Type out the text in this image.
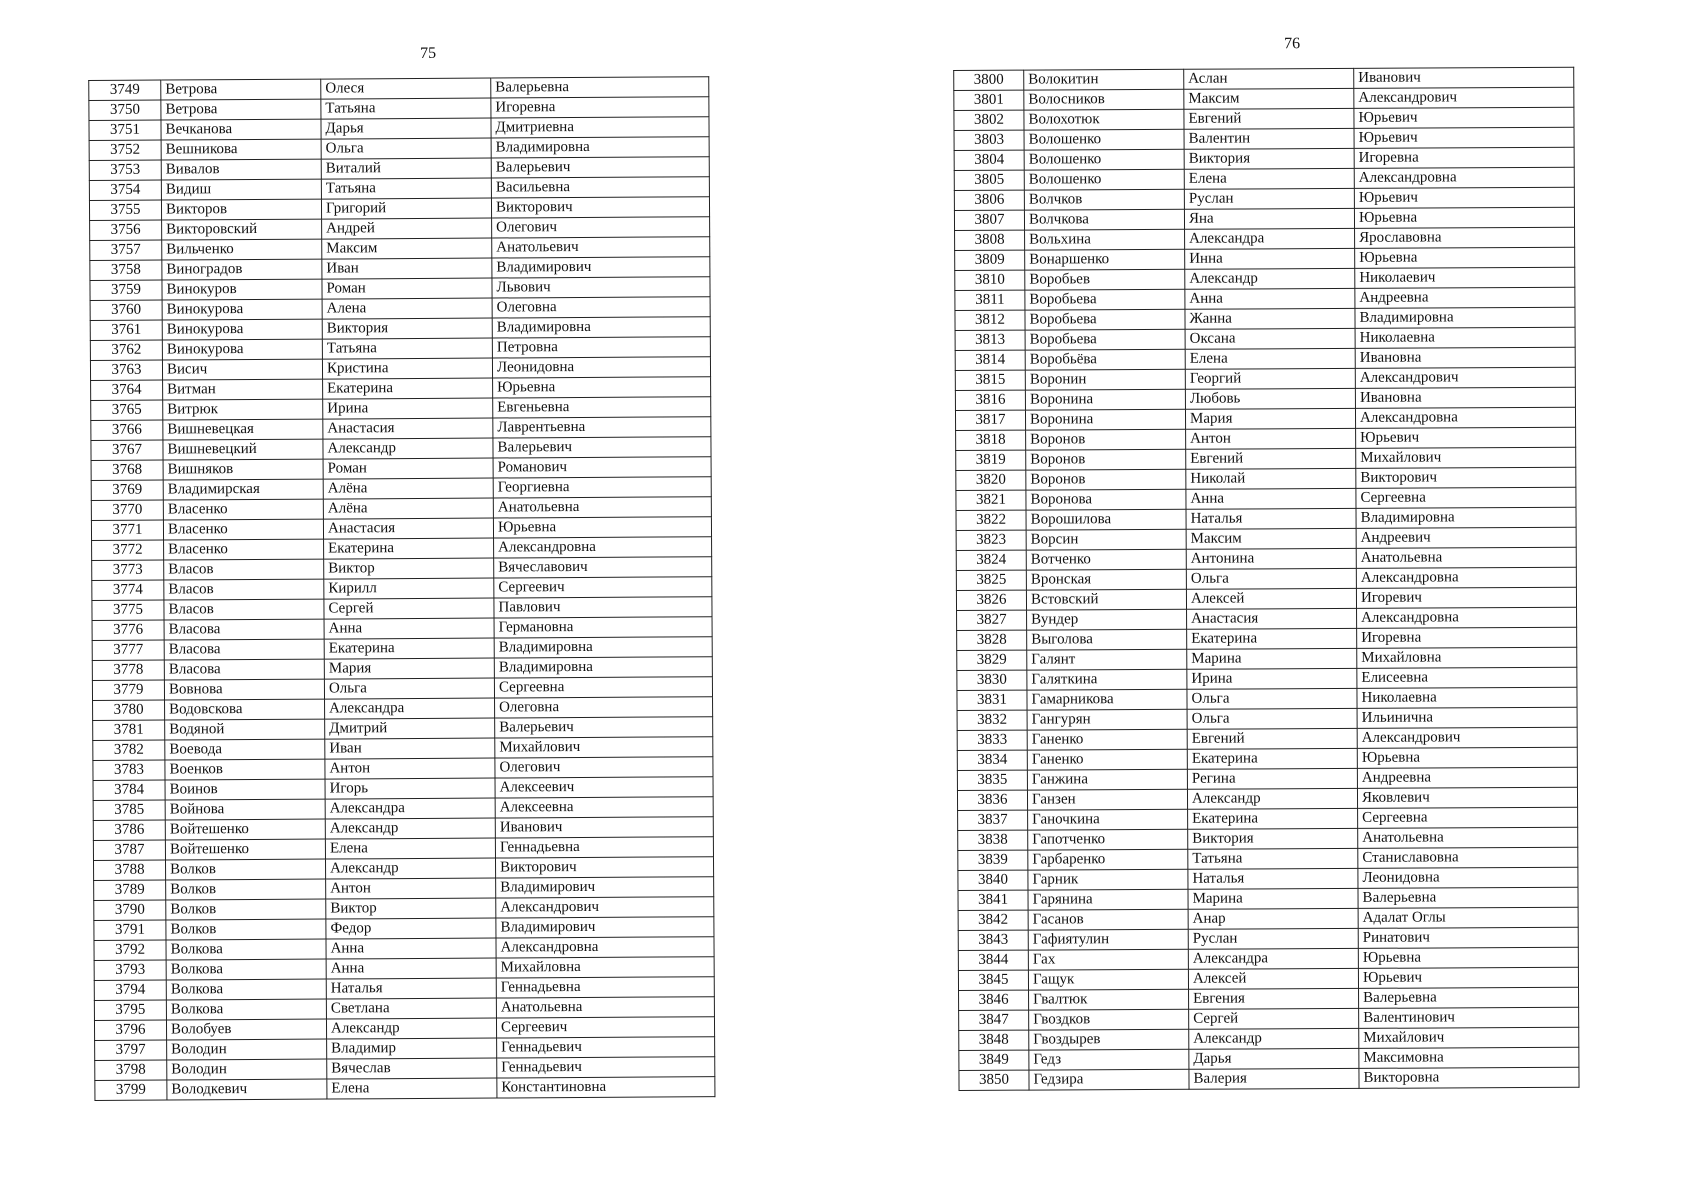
75
3749	Ветрова	Олеся	Валерьевна
3750	Ветрова	Татьяна	Игоревна
3751	Вечканова	Дарья	Дмитриевна
3752	Вешникова	Ольга	Владимировна
3753	Вивалов	Виталий	Валерьевич
3754	Видиш	Татьяна	Васильевна
3755	Викторов	Григорий	Викторович
3756	Викторовский	Андрей	Олегович
3757	Вильченко	Максим	Анатольевич
3758	Виноградов	Иван	Владимирович
3759	Винокуров	Роман	Львович
3760	Винокурова	Алена	Олеговна
3761	Винокурова	Виктория	Владимировна
3762	Винокурова	Татьяна	Петровна
3763	Висич	Кристина	Леонидовна
3764	Витман	Екатерина	Юрьевна
3765	Витрюк	Ирина	Евгеньевна
3766	Вишневецкая	Анастасия	Лаврентьевна
3767	Вишневецкий	Александр	Валерьевич
3768	Вишняков	Роман	Романович
3769	Владимирская	Алёна	Георгиевна
3770	Власенко	Алёна	Анатольевна
3771	Власенко	Анастасия	Юрьевна
3772	Власенко	Екатерина	Александровна
3773	Власов	Виктор	Вячеславович
3774	Власов	Кирилл	Сергеевич
3775	Власов	Сергей	Павлович
3776	Власова	Анна	Германовна
3777	Власова	Екатерина	Владимировна
3778	Власова	Мария	Владимировна
3779	Вовнова	Ольга	Сергеевна
3780	Водовскова	Александра	Олеговна
3781	Водяной	Дмитрий	Валерьевич
3782	Воевода	Иван	Михайлович
3783	Военков	Антон	Олегович
3784	Воинов	Игорь	Алексеевич
3785	Войнова	Александра	Алексеевна
3786	Войтешенко	Александр	Иванович
3787	Войтешенко	Елена	Геннадьевна
3788	Волков	Александр	Викторович
3789	Волков	Антон	Владимирович
3790	Волков	Виктор	Александрович
3791	Волков	Федор	Владимирович
3792	Волкова	Анна	Александровна
3793	Волкова	Анна	Михайловна
3794	Волкова	Наталья	Геннадьевна
3795	Волкова	Светлана	Анатольевна
3796	Волобуев	Александр	Сергеевич
3797	Володин	Владимир	Геннадьевич
3798	Володин	Вячеслав	Геннадьевич
3799	Володкевич	Елена	Константиновна
76
3800	Волокитин	Аслан	Иванович
3801	Волосников	Максим	Александрович
3802	Волохотюк	Евгений	Юрьевич
3803	Волошенко	Валентин	Юрьевич
3804	Волошенко	Виктория	Игоревна
3805	Волошенко	Елена	Александровна
3806	Волчков	Руслан	Юрьевич
3807	Волчкова	Яна	Юрьевна
3808	Вольхина	Александра	Ярославовна
3809	Вонаршенко	Инна	Юрьевна
3810	Воробьев	Александр	Николаевич
3811	Воробьева	Анна	Андреевна
3812	Воробьева	Жанна	Владимировна
3813	Воробьева	Оксана	Николаевна
3814	Воробьёва	Елена	Ивановна
3815	Воронин	Георгий	Александрович
3816	Воронина	Любовь	Ивановна
3817	Воронина	Мария	Александровна
3818	Воронов	Антон	Юрьевич
3819	Воронов	Евгений	Михайлович
3820	Воронов	Николай	Викторович
3821	Воронова	Анна	Сергеевна
3822	Ворошилова	Наталья	Владимировна
3823	Ворсин	Максим	Андреевич
3824	Вотченко	Антонина	Анатольевна
3825	Вронская	Ольга	Александровна
3826	Встовский	Алексей	Игоревич
3827	Вундер	Анастасия	Александровна
3828	Выголова	Екатерина	Игоревна
3829	Галянт	Марина	Михайловна
3830	Галяткина	Ирина	Елисеевна
3831	Гамарникова	Ольга	Николаевна
3832	Гангурян	Ольга	Ильинична
3833	Ганенко	Евгений	Александрович
3834	Ганенко	Екатерина	Юрьевна
3835	Ганжина	Регина	Андреевна
3836	Ганзен	Александр	Яковлевич
3837	Ганочкина	Екатерина	Сергеевна
3838	Гапотченко	Виктория	Анатольевна
3839	Гарбаренко	Татьяна	Станиславовна
3840	Гарник	Наталья	Леонидовна
3841	Гарянина	Марина	Валерьевна
3842	Гасанов	Анар	Адалат Оглы
3843	Гафиятулин	Руслан	Ринатович
3844	Гах	Александра	Юрьевна
3845	Гащук	Алексей	Юрьевич
3846	Гвалтюк	Евгения	Валерьевна
3847	Гвоздков	Сергей	Валентинович
3848	Гвоздырев	Александр	Михайлович
3849	Гедз	Дарья	Максимовна
3850	Гедзира	Валерия	Викторовна
